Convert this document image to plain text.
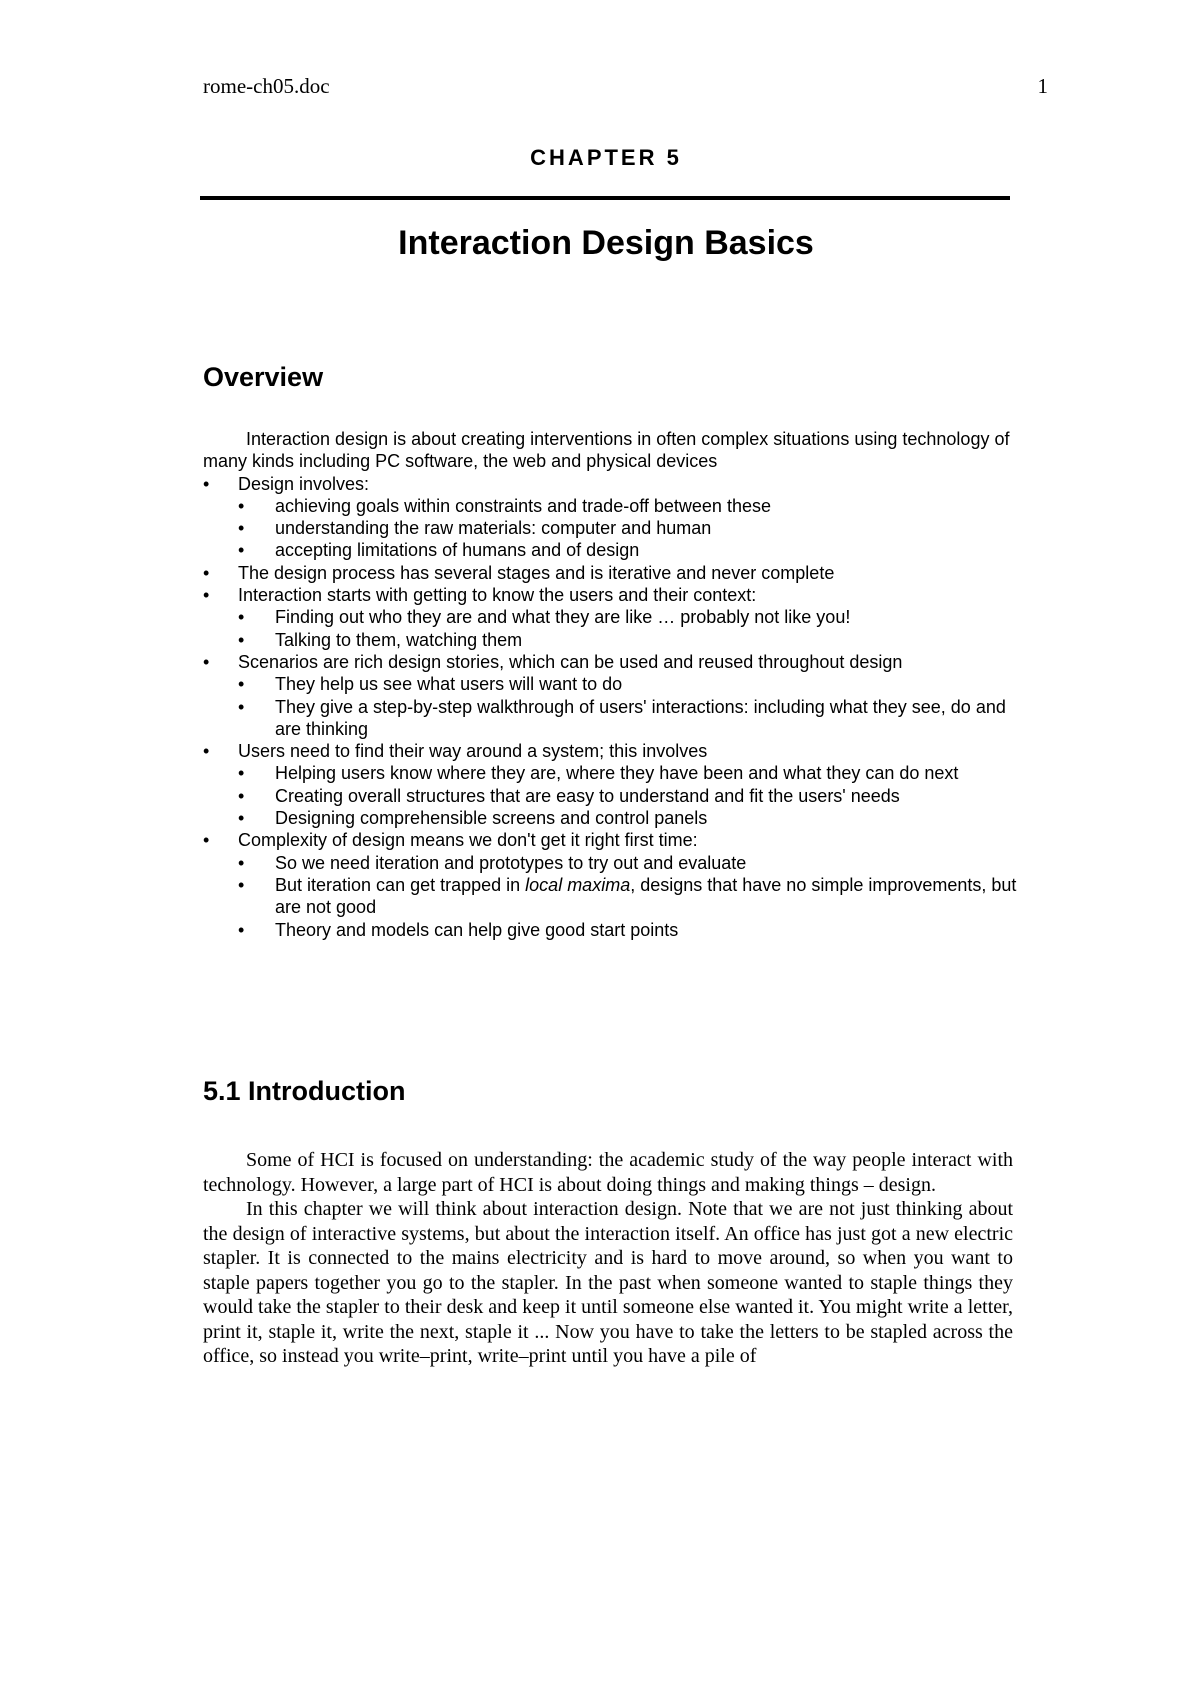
rome-ch05.doc	1
CHAPTER 5
Interaction Design Basics
Overview

Interaction design is about creating interventions in often complex situations using technology of many kinds including PC software, the web and physical devices

•	Design involves:
•	achieving goals within constraints and trade-off between these
•	understanding the raw materials: computer and human
•	accepting limitations of humans and of design
•	The design process has several stages and is iterative and never complete
•	Interaction starts with getting to know the users and their context:
•	Finding out who they are and what they are like … probably not like you!
•	Talking to them, watching them
•	Scenarios are rich design stories, which can be used and reused throughout design
•	They help us see what users will want to do
•	They give a step-by-step walkthrough of users' interactions: including what they see, do and are thinking
•	Users need to find their way around a system; this involves
•	Helping users know where they are, where they have been and what they can do next
•	Creating overall structures that are easy to understand and fit the users' needs
•	Designing comprehensible screens and control panels
•	Complexity of design means we don't get it right first time:
•	So we need iteration and prototypes to try out and evaluate
•	But iteration can get trapped in local maxima, designs that have no simple improvements, but are not good
•	Theory and models can help give good start points
5.1 Introduction

Some of HCI is focused on understanding: the academic study of the way people interact with technology. However, a large part of HCI is about doing things and making things – design.

In this chapter we will think about interaction design. Note that we are not just thinking about the design of interactive systems, but about the interaction itself. An office has just got a new electric stapler. It is connected to the mains electricity and is hard to move around, so when you want to staple papers together you go to the stapler. In the past when someone wanted to staple things they would take the stapler to their desk and keep it until someone else wanted it. You might write a letter, print it, staple it, write the next, staple it ... Now you have to take the letters to be stapled across the office, so instead you write–print, write–print until you have a pile of
